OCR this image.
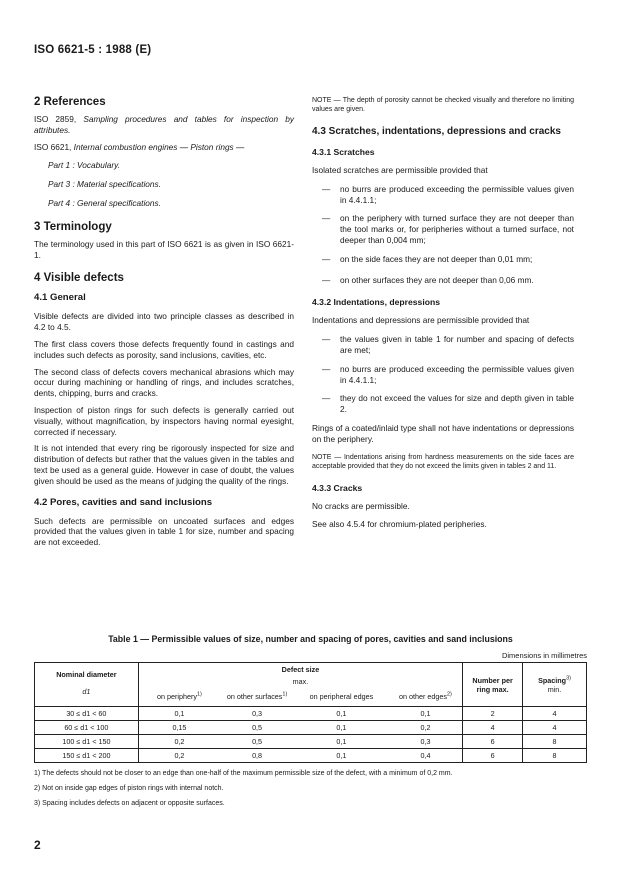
ISO 6621-5 : 1988 (E)
2 References

ISO 2859, Sampling procedures and tables for inspection by attributes.

ISO 6621, Internal combustion engines — Piston rings —

Part 1 : Vocabulary.

Part 3 : Material specifications.

Part 4 : General specifications.

3 Terminology

The terminology used in this part of ISO 6621 is as given in ISO 6621-1.

4 Visible defects
4.1 General

Visible defects are divided into two principle classes as described in 4.2 to 4.5.

The first class covers those defects frequently found in castings and includes such defects as porosity, sand inclusions, cavities, etc.

The second class of defects covers mechanical abrasions which may occur during machining or handling of rings, and includes scratches, dents, chipping, burrs and cracks.

Inspection of piston rings for such defects is generally carried out visually, without magnification, by inspectors having normal eyesight, corrected if necessary.

It is not intended that every ring be rigorously inspected for size and distribution of defects but rather that the values given in the tables and text be used as a general guide. However in case of doubt, the values given should be used as the means of judging the quality of the rings.

4.2 Pores, cavities and sand inclusions

Such defects are permissible on uncoated surfaces and edges provided that the values given in table 1 for size, number and spacing are not exceeded.

NOTE — The depth of porosity cannot be checked visually and therefore no limiting values are given.

4.3 Scratches, indentations, depressions and cracks
4.3.1 Scratches

Isolated scratches are permissible provided that

—	no burrs are produced exceeding the permissible values given in 4.4.1.1;
—	on the periphery with turned surface they are not deeper than the tool marks or, for peripheries without a turned surface, not deeper than 0,004 mm;
—	on the side faces they are not deeper than 0,01 mm;
—	on other surfaces they are not deeper than 0,06 mm.
4.3.2 Indentations, depressions

Indentations and depressions are permissible provided that

—	the values given in table 1 for number and spacing of defects are met;
—	no burrs are produced exceeding the permissible values given in 4.4.1.1;
—	they do not exceed the values for size and depth given in table 2.

Rings of a coated/inlaid type shall not have indentations or depressions on the periphery.

NOTE — Indentations arising from hardness measurements on the side faces are acceptable provided that they do not exceed the limits given in tables 2 and 11.

4.3.3 Cracks

No cracks are permissible.

See also 4.5.4 for chromium-plated peripheries.

Table 1 — Permissible values of size, number and spacing of pores, cavities and sand inclusions
Dimensions in millimetres
Nominal diameter	Defect size				Number per ring max.	Spacing$^{3)}$
min.
	max.					
d1	on periphery$^{1)}$	on other surfaces$^{1)}$	on peripheral edges	on other edges$^{2)}$
30 ≤ d1 < 60	0,1	0,3	0,1	0,1	2	4
60 ≤ d1 < 100	0,15	0,5	0,1	0,2	4	4
100 ≤ d1 < 150	0,2	0,5	0,1	0,3	6	8
150 ≤ d1 < 200	0,2	0,8	0,1	0,4	6	8
1) The defects should not be closer to an edge than one-half of the maximum permissible size of the defect, with a minimum of 0,2 mm.
2) Not on inside gap edges of piston rings with internal notch.
3) Spacing includes defects on adjacent or opposite surfaces.
2
